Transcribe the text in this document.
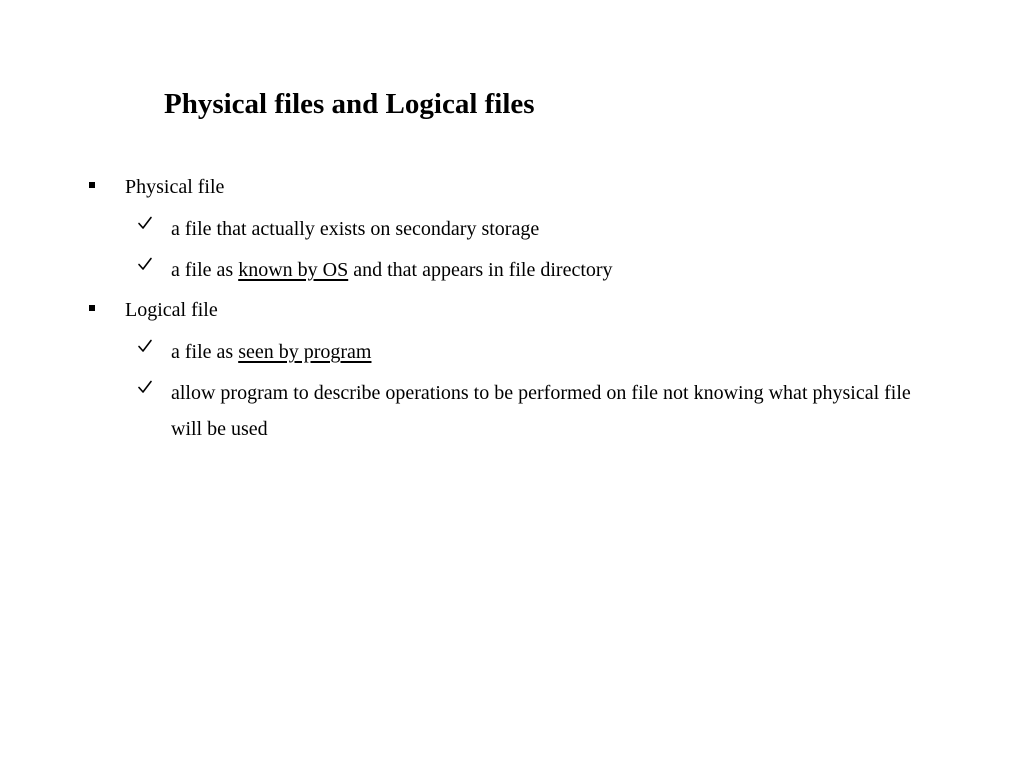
Physical files and Logical files
Physical file
a file that actually exists on secondary storage
a file as known by OS and that appears in file directory
Logical file
a file as seen by program
allow program to describe operations to be performed on file not knowing what physical file will be used
